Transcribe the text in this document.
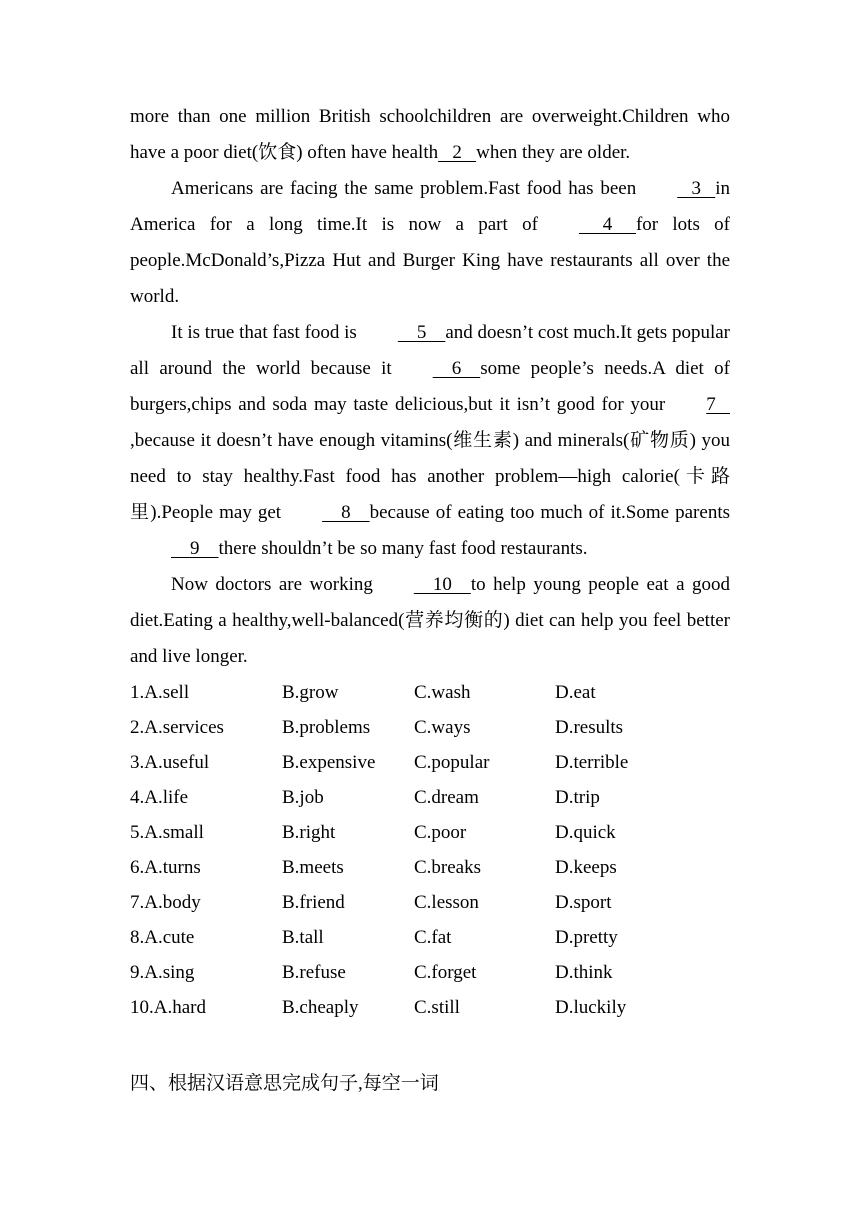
more than one million British schoolchildren are overweight.Children who have a poor diet(饮食) often have health   2   when they are older.

Americans are facing the same problem.Fast food has been   3   in America for a long time.It is now a part of     4     for lots of people.McDonald’s,Pizza Hut and Burger King have restaurants all over the world.

It is true that fast food is    5    and doesn’t cost much.It gets popular all around the world because it    6    some people’s needs.A diet of burgers,chips and soda may taste delicious,but it isn’t good for your 7   ,because it doesn’t have enough vitamins(维生素) and minerals(矿物质) you need to stay healthy.Fast food has another problem—high calorie(卡路里).People may get    8    because of eating too much of it.Some parents    9    there shouldn’t be so many fast food restaurants.

Now doctors are working    10    to help young people eat a good diet.Eating a healthy,well-balanced(营养均衡的) diet can help you feel better and live longer.

1.A.sell	B.grow	C.wash	D.eat
2.A.services	B.problems C.ways	D.results
3.A.useful	B.expensive C.popular	D.terrible
4.A.life	B.job	C.dream	D.trip
5.A.small	B.right	C.poor	D.quick
6.A.turns	B.meets	C.breaks	D.keeps
7.A.body	B.friend	C.lesson	D.sport
8.A.cute	B.tall	C.fat	D.pretty
9.A.sing	B.refuse	C.forget	D.think
10.A.hard	B.cheaply	C.still	D.luckily
四、根据汉语意思完成句子,每空一词
